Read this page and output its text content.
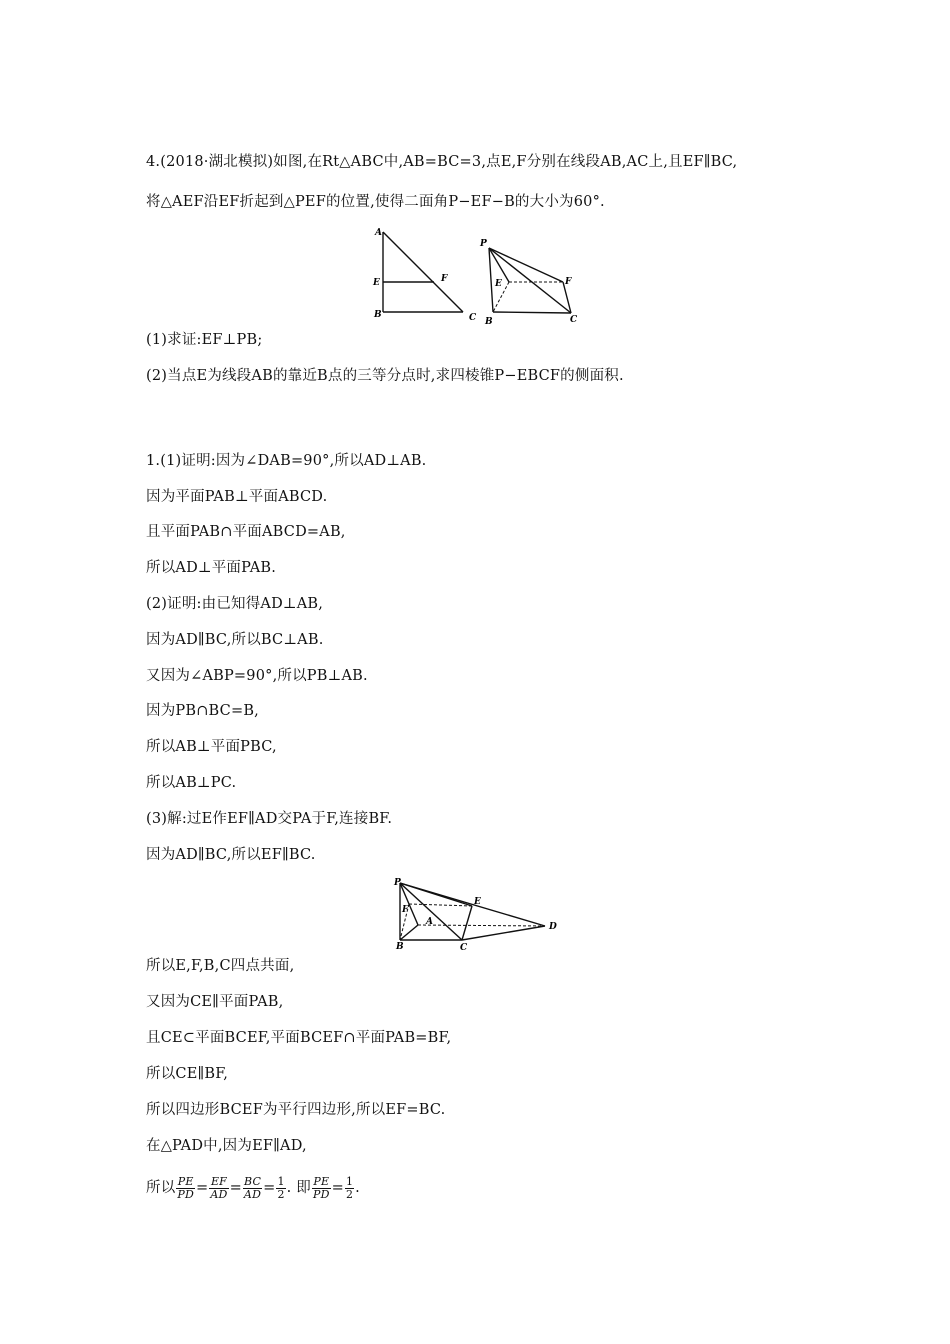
4.(2018·湖北模拟)如图,在Rt△ABC中,AB=BC=3,点E,F分别在线段AB,AC上,且EF∥BC,
将△AEF沿EF折起到△PEF的位置,使得二面角P−EF−B的大小为60°.
A
E	F
B	C
P
E	F
B	C
(1)求证:EF⊥PB;
(2)当点E为线段AB的靠近B点的三等分点时,求四棱锥P−EBCF的侧面积.
1.(1)证明:因为∠DAB=90°,所以AD⊥AB.
因为平面PAB⊥平面ABCD.
且平面PAB∩平面ABCD=AB,
所以AD⊥平面PAB.
(2)证明:由已知得AD⊥AB,
因为AD∥BC,所以BC⊥AB.
又因为∠ABP=90°,所以PB⊥AB.
因为PB∩BC=B,
所以AB⊥平面PBC,
所以AB⊥PC.
(3)解:过E作EF∥AD交PA于F,连接BF.
因为AD∥BC,所以EF∥BC.
P
E
F
A	D
B	C
所以E,F,B,C四点共面,
又因为CE∥平面PAB,
且CE⊂平面BCEF,平面BCEF∩平面PAB=BF,
所以CE∥BF,
所以四边形BCEF为平行四边形,所以EF=BC.
在△PAD中,因为EF∥AD,
所以 $\frac{PE}{PD} = \frac{EF}{AD} = \frac{BC}{AD} = \frac{1}{2}$ . 即 $\frac{PE}{PD} = \frac{1}{2}$ .
